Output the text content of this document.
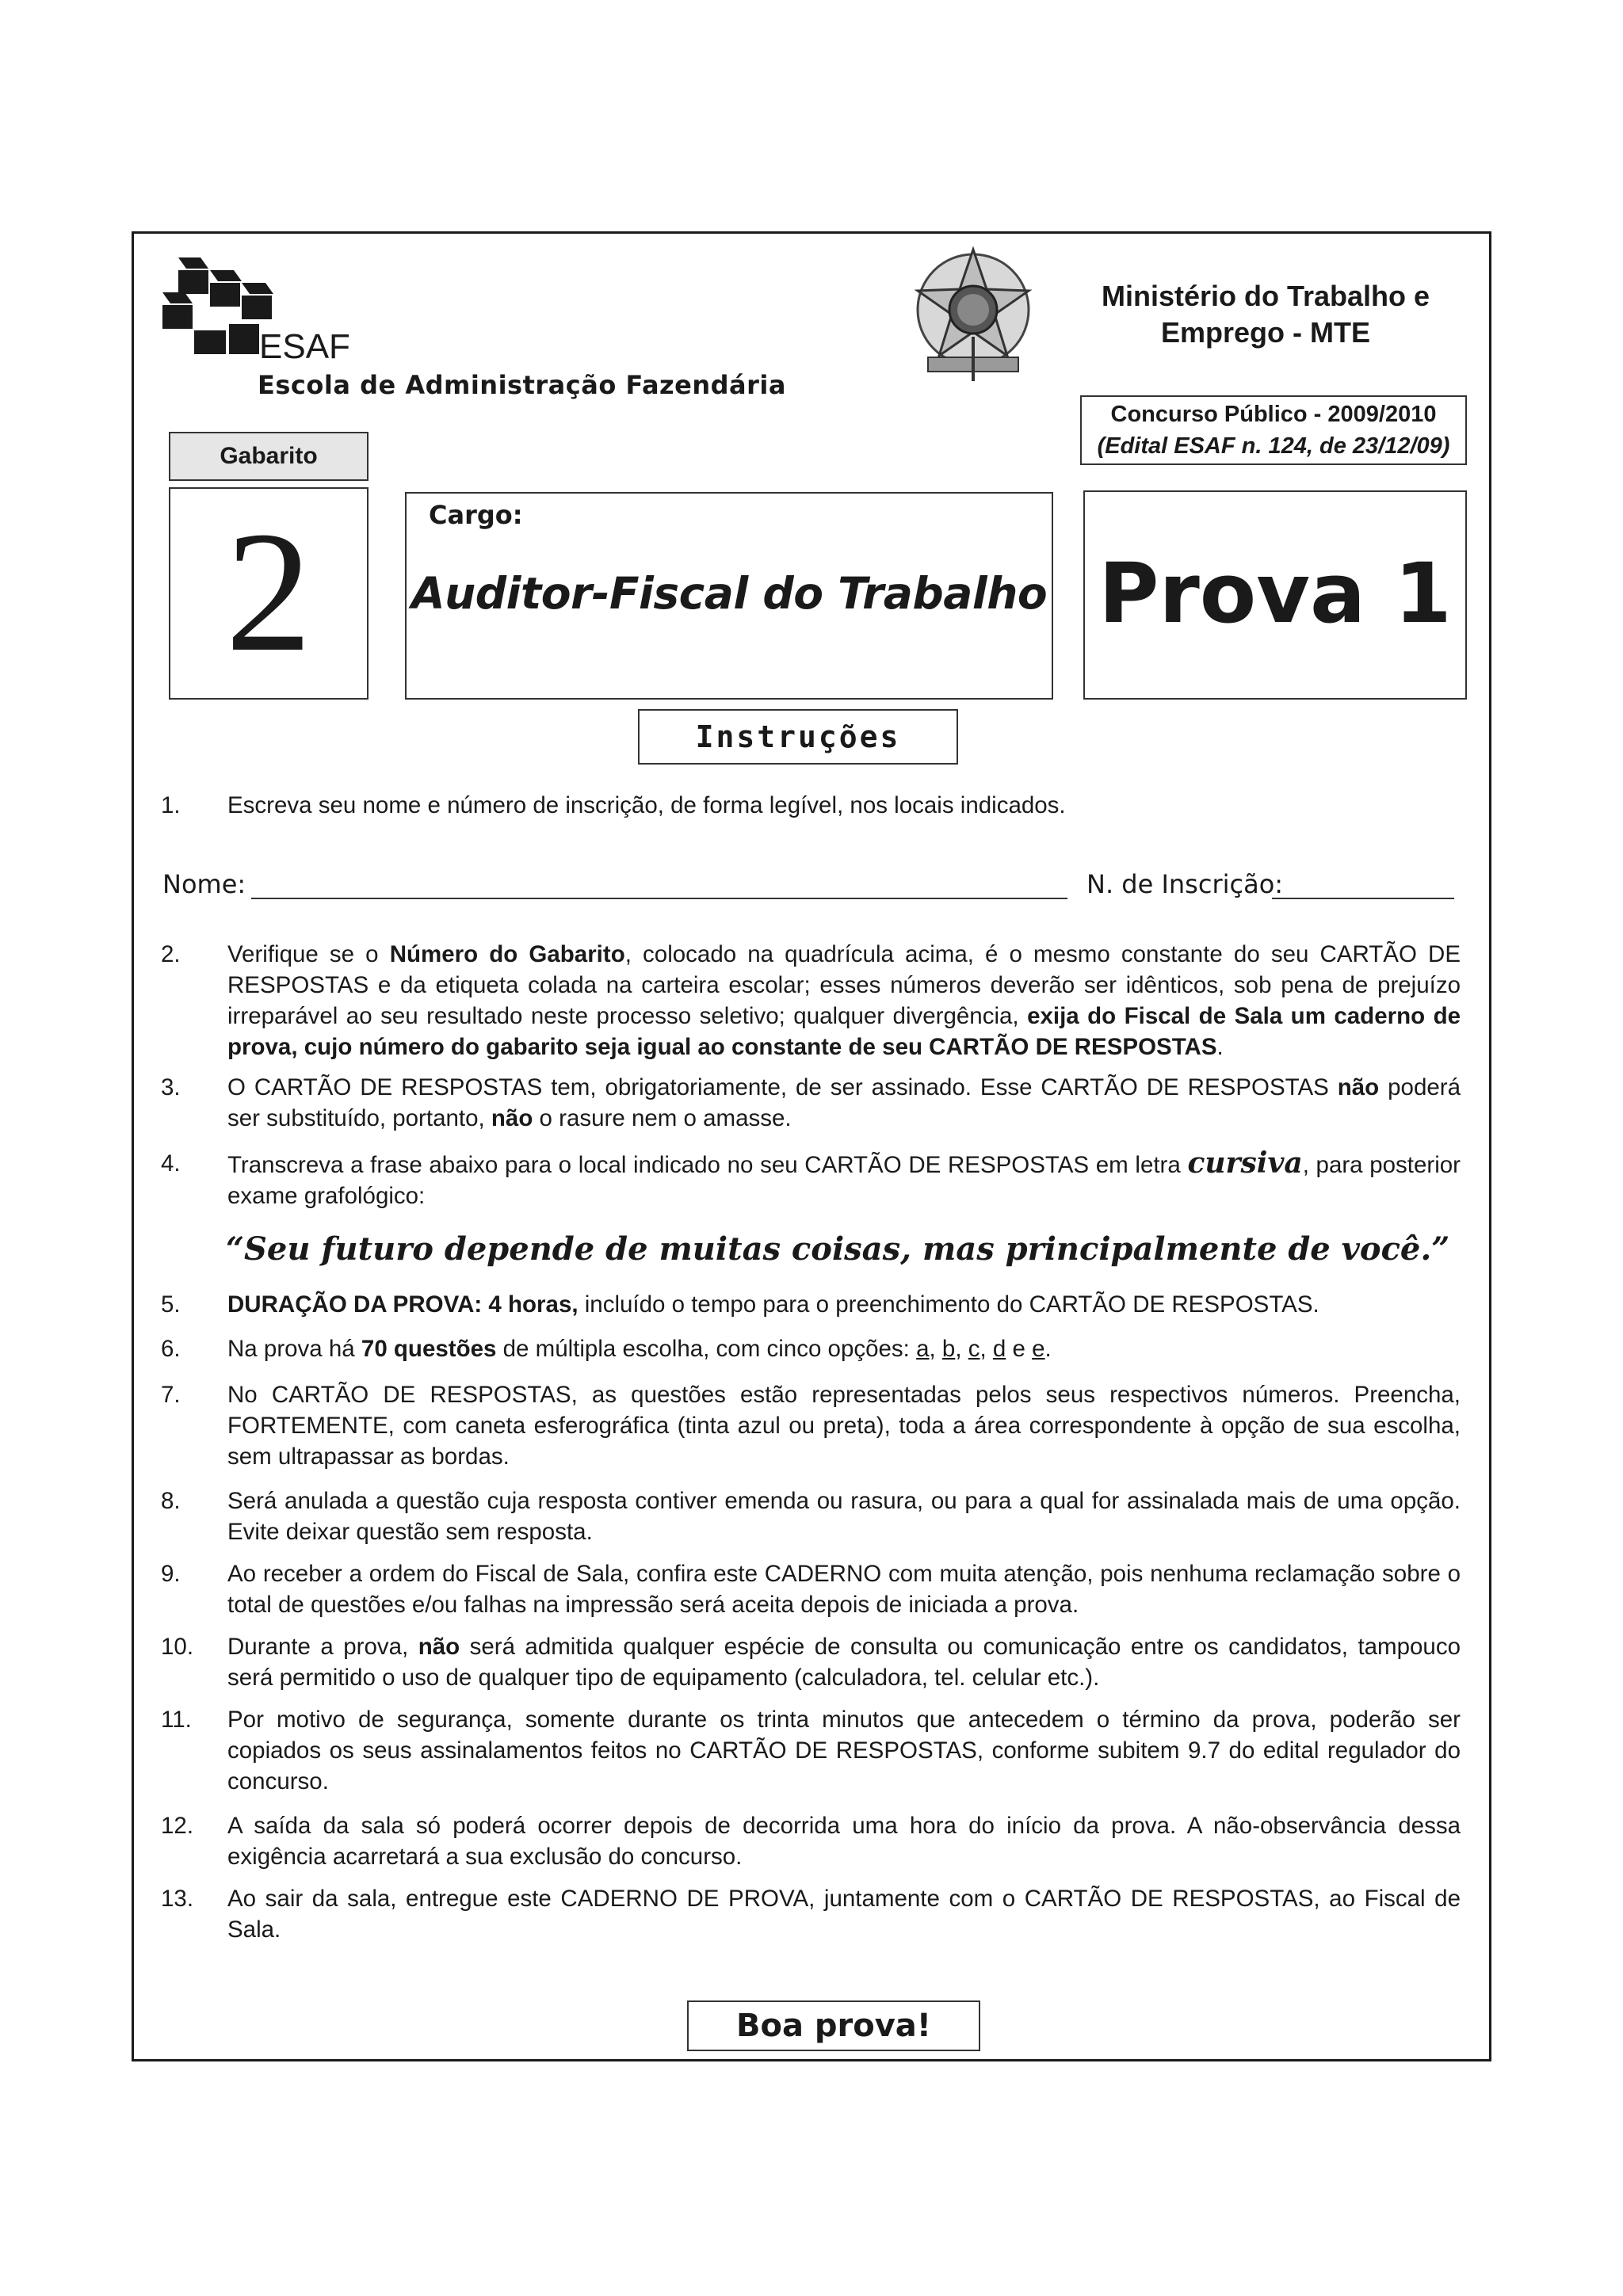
ESAF
Escola de Administração Fazendária
Ministério do Trabalho e
Emprego - MTE
Concurso Público - 2009/2010
(Edital ESAF n. 124, de 23/12/09)
Gabarito
2	Cargo:
Auditor-Fiscal do Trabalho Prova 1
Instruções
1. Escreva seu nome e número de inscrição, de forma legível, nos locais indicados.
Nome:	N. de Inscrição:
2. Verifique se o Número do Gabarito, colocado na quadrícula acima, é o mesmo constante do seu CARTÃO DE RESPOSTAS e da etiqueta colada na carteira escolar; esses números deverão ser idênticos, sob pena de prejuízo irreparável ao seu resultado neste processo seletivo; qualquer divergência, exija do Fiscal de Sala um caderno de prova, cujo número do gabarito seja igual ao constante de seu CARTÃO DE RESPOSTAS.
3. O CARTÃO DE RESPOSTAS tem, obrigatoriamente, de ser assinado. Esse CARTÃO DE RESPOSTAS não poderá ser substituído, portanto, não o rasure nem o amasse.
4. Transcreva a frase abaixo para o local indicado no seu CARTÃO DE RESPOSTAS em letra cursiva, para posterior exame grafológico:
“Seu futuro depende de muitas coisas, mas principalmente de você.”
5. DURAÇÃO DA PROVA: 4 horas, incluído o tempo para o preenchimento do CARTÃO DE RESPOSTAS.
6. Na prova há 70 questões de múltipla escolha, com cinco opções: a, b, c, d e e.
7. No CARTÃO DE RESPOSTAS, as questões estão representadas pelos seus respectivos números. Preencha, FORTEMENTE, com caneta esferográfica (tinta azul ou preta), toda a área correspondente à opção de sua escolha, sem ultrapassar as bordas.
8. Será anulada a questão cuja resposta contiver emenda ou rasura, ou para a qual for assinalada mais de uma opção. Evite deixar questão sem resposta.
9. Ao receber a ordem do Fiscal de Sala, confira este CADERNO com muita atenção, pois nenhuma reclamação sobre o total de questões e/ou falhas na impressão será aceita depois de iniciada a prova.
10. Durante a prova, não será admitida qualquer espécie de consulta ou comunicação entre os candidatos, tampouco será permitido o uso de qualquer tipo de equipamento (calculadora, tel. celular etc.).
11. Por motivo de segurança, somente durante os trinta minutos que antecedem o término da prova, poderão ser copiados os seus assinalamentos feitos no CARTÃO DE RESPOSTAS, conforme subitem 9.7 do edital regulador do concurso.
12. A saída da sala só poderá ocorrer depois de decorrida uma hora do início da prova. A não-observância dessa exigência acarretará a sua exclusão do concurso.
13. Ao sair da sala, entregue este CADERNO DE PROVA, juntamente com o CARTÃO DE RESPOSTAS, ao Fiscal de Sala.
Boa prova!
